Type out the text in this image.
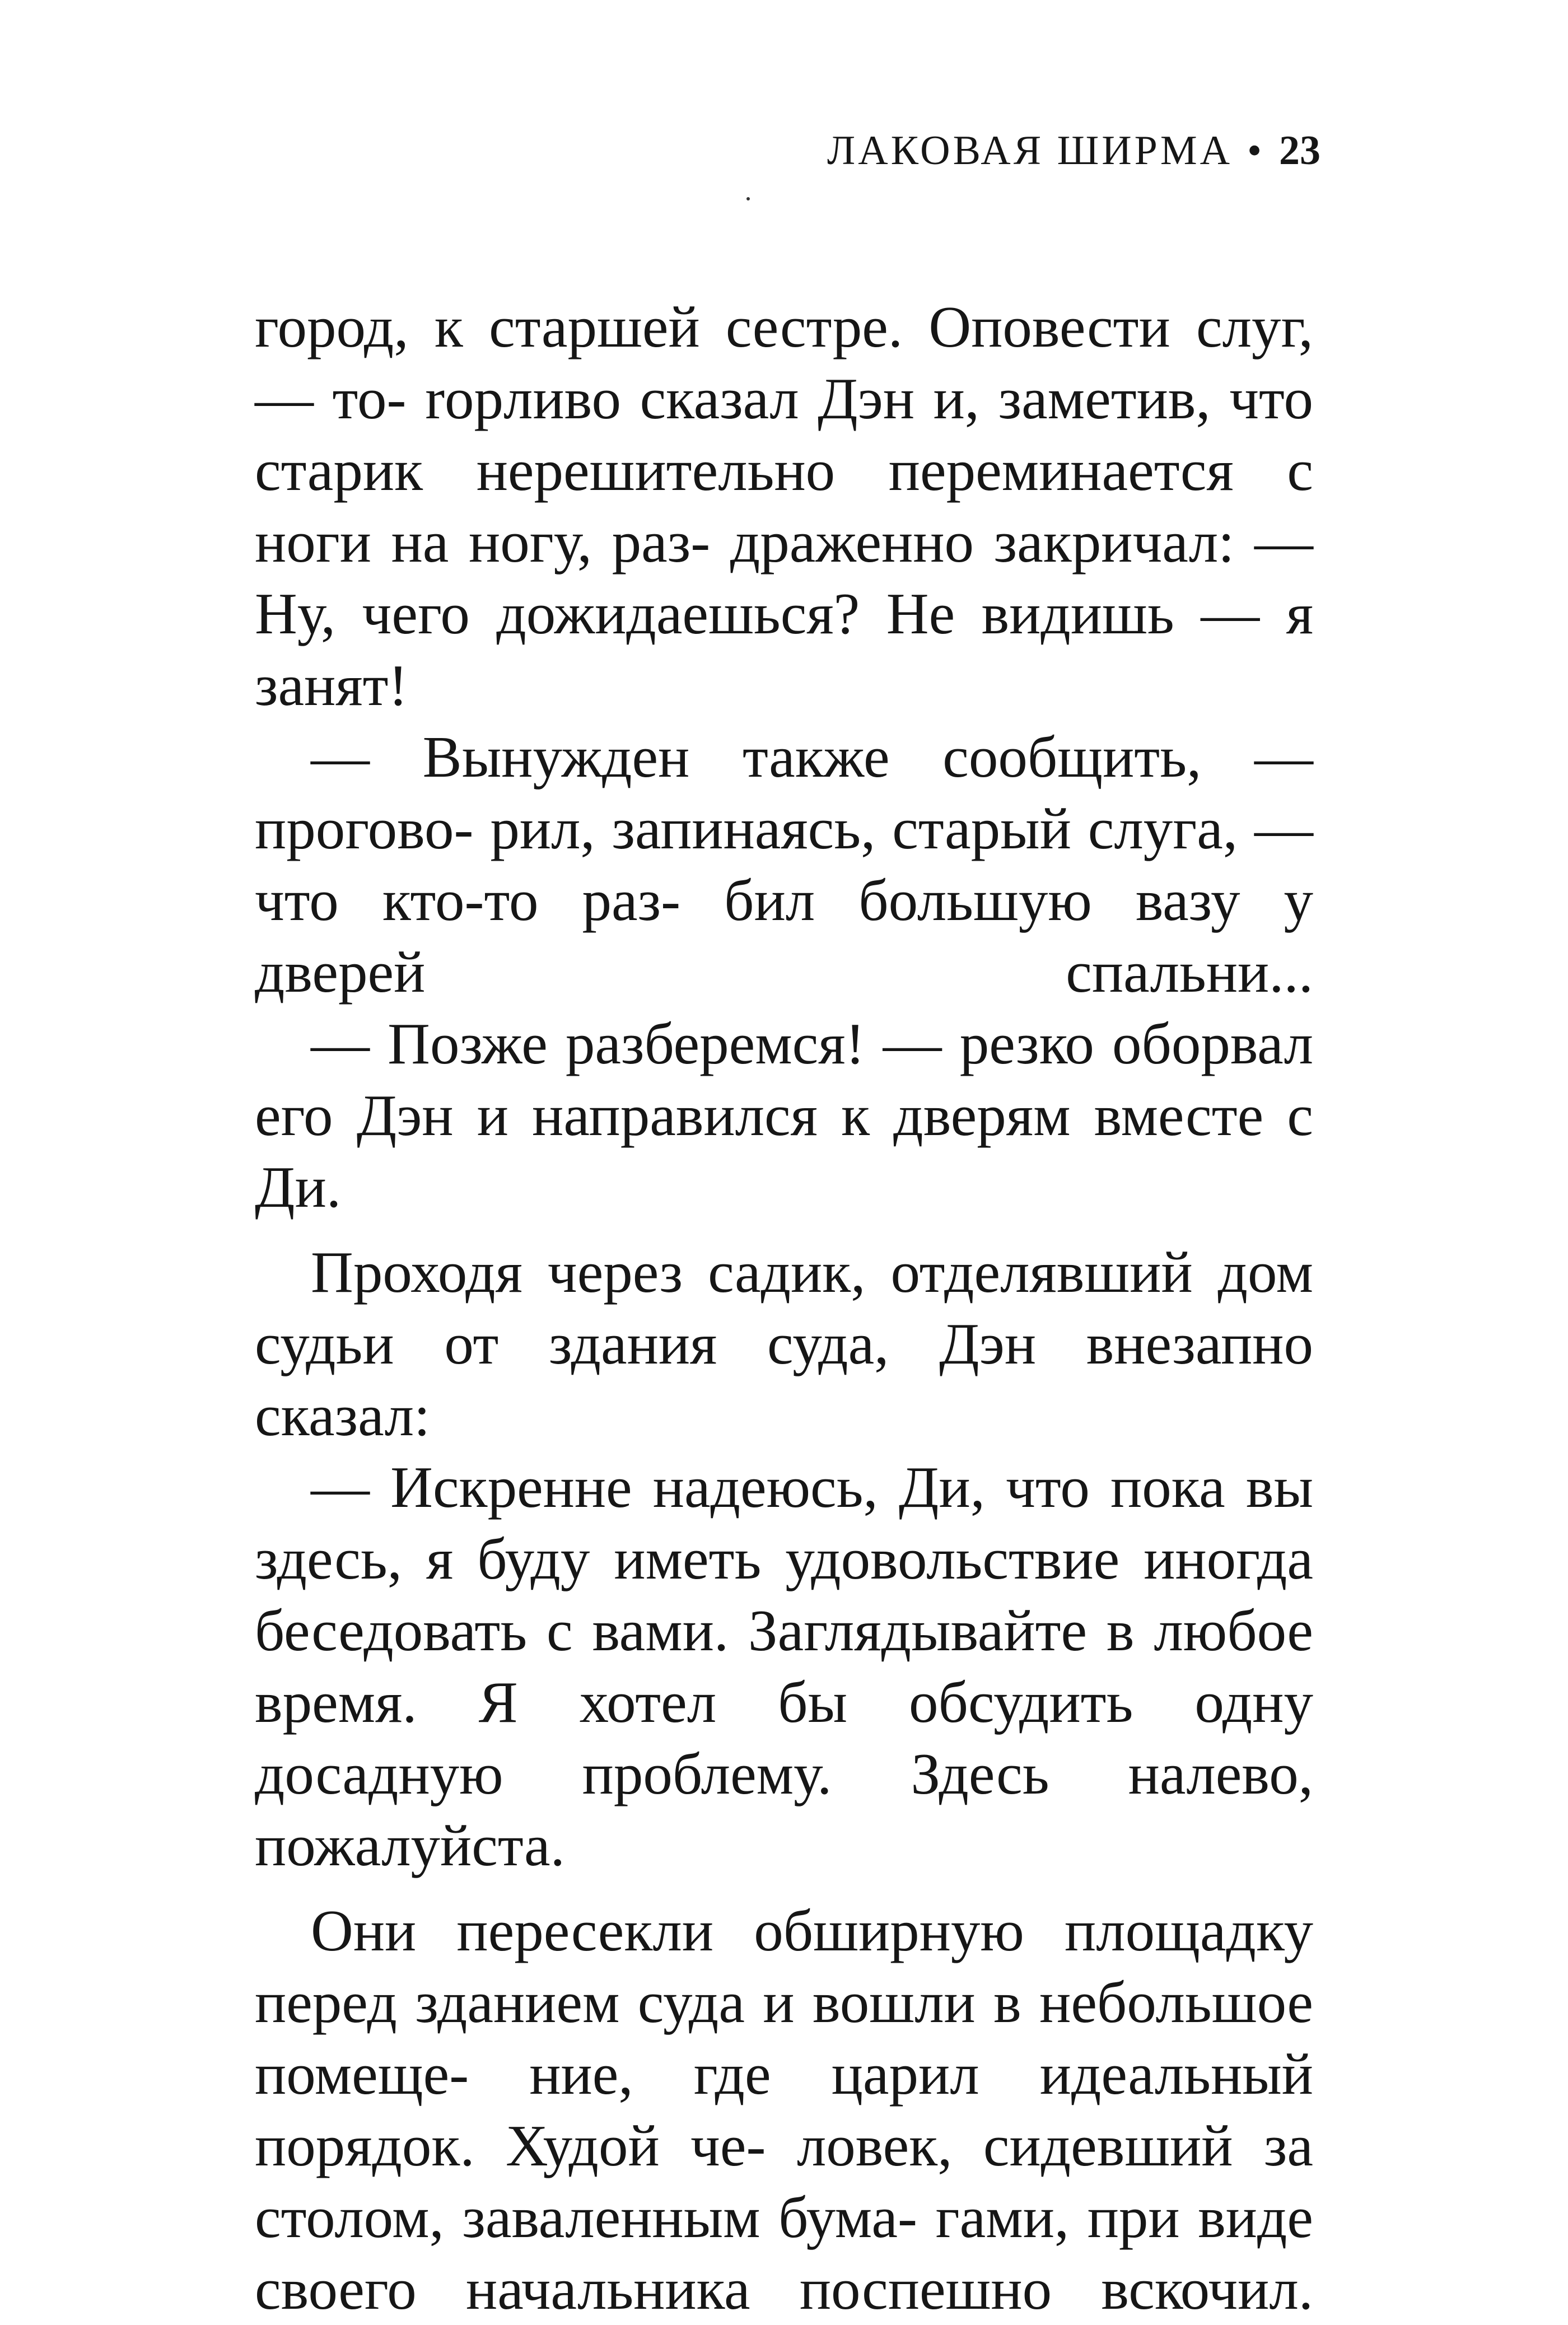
ЛАКОВАЯ ШИРМА • 23

город, к старшей сестре. Оповести слуг, — то- ropливо сказал Дэн и, заметив, что старик нерешительно переминается с ноги на ногу, раз- драженно закричал: — Ну, чего дожидаешься? Не видишь — я занят!

— Вынужден также сообщить, — прогово- рил, запинаясь, старый слуга, — что кто-то раз- бил большую вазу у дверей спальни...

— Позже разберемся! — резко оборвал его Дэн и направился к дверям вместе с Ди.

Проходя через садик, отделявший дом судьи от здания суда, Дэн внезапно сказал:

— Искренне надеюсь, Ди, что пока вы здесь, я буду иметь удовольствие иногда беседовать с вами. Заглядывайте в любое время. Я хотел бы обсудить одну досадную проблему. Здесь налево, пожалуйста.

Они пересекли обширную площадку перед зданием суда и вошли в небольшое помеще- ние, где царил идеальный порядок. Худой че- ловек, сидевший за столом, заваленным бума- гами, при виде своего начальника поспешно вскочил.
